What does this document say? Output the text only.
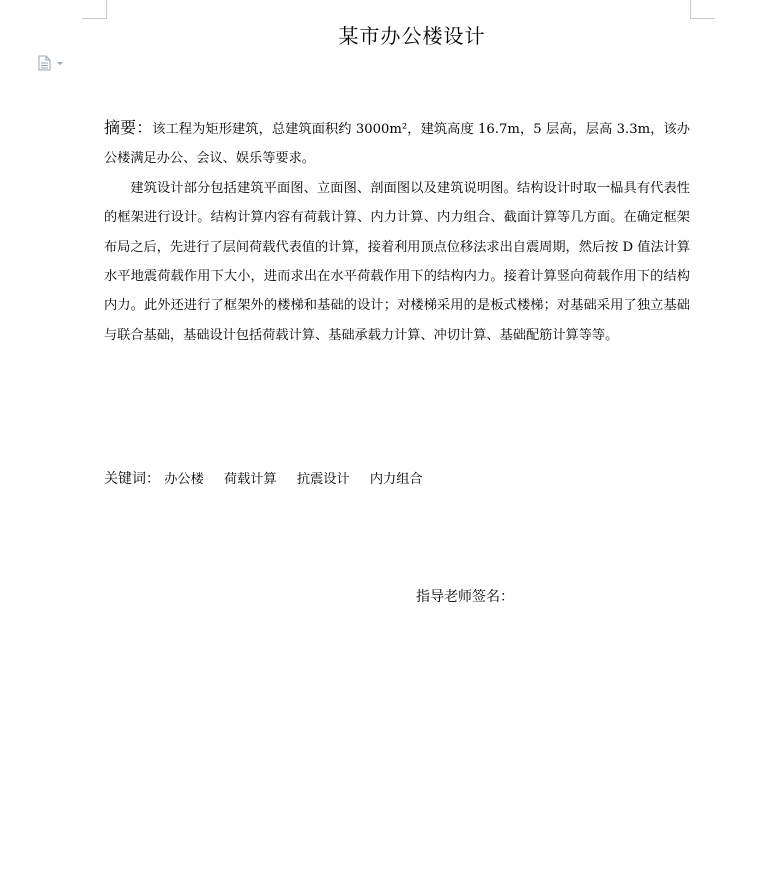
某市办公楼设计

摘要：该工程为矩形建筑，总建筑面积约 3000m²，建筑高度 16.7m，5 层高，层高 3.3m，该办公楼满足办公、会议、娱乐等要求。

建筑设计部分包括建筑平面图、立面图、剖面图以及建筑说明图。结构设计时取一榀具有代表性的框架进行设计。结构计算内容有荷载计算、内力计算、内力组合、截面计算等几方面。在确定框架布局之后，先进行了层间荷载代表值的计算，接着利用顶点位移法求出自震周期，然后按 D 值法计算水平地震荷载作用下大小，进而求出在水平荷载作用下的结构内力。接着计算竖向荷载作用下的结构内力。此外还进行了框架外的楼梯和基础的设计；对楼梯采用的是板式楼梯；对基础采用了独立基础与联合基础，基础设计包括荷载计算、基础承载力计算、冲切计算、基础配筋计算等等。

关键词： 办公楼 荷载计算 抗震设计 内力组合
指导老师签名：
